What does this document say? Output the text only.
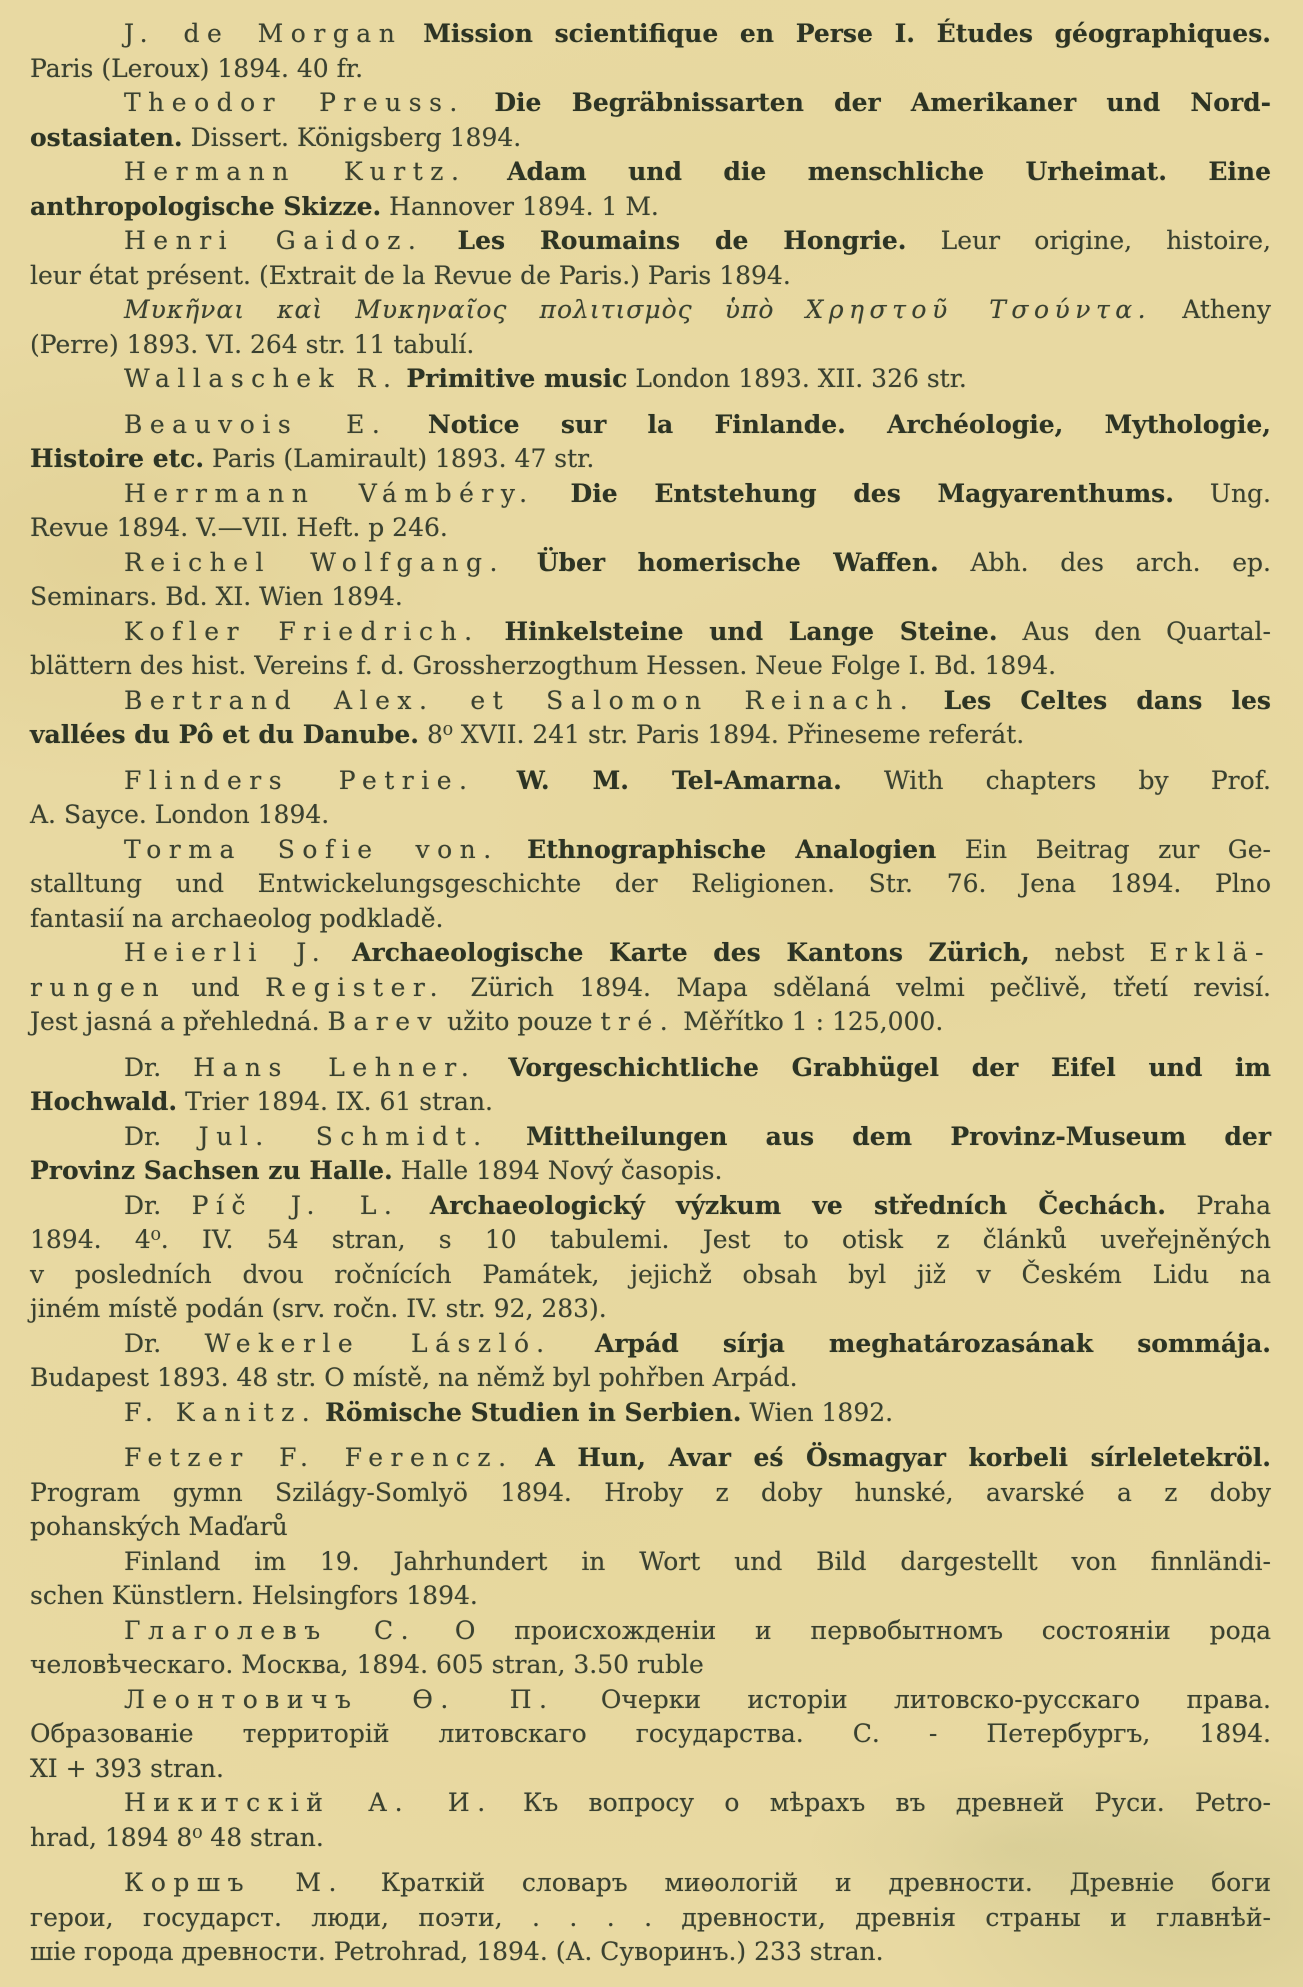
J. de Morgan Mission scientifique en Perse I. Études géographiques.
Paris (Leroux) 1894. 40 fr.
Theodor Preuss. Die Begräbnissarten der Amerikaner und Nord-
ostasiaten. Dissert. Königsberg 1894.
Hermann Kurtz. Adam und die menschliche Urheimat. Eine
anthropologische Skizze. Hannover 1894. 1 M.
Henri Gaidoz. Les Roumains de Hongrie. Leur origine, histoire,
leur état présent. (Extrait de la Revue de Paris.) Paris 1894.
Μυκῆναι καὶ Μυκηναῖος πολιτισμὸς ὑπὸ Χρηστοῦ Τσούντα. Atheny
(Perre) 1893. VI. 264 str. 11 tabulí.
Wallaschek R. Primitive music London 1893. XII. 326 str.
Beauvois E. Notice sur la Finlande. Archéologie, Mythologie,
Histoire etc. Paris (Lamirault) 1893. 47 str.
Herrmann Vámbéry. Die Entstehung des Magyarenthums. Ung.
Revue 1894. V.—VII. Heft. p 246.
Reichel Wolfgang. Über homerische Waffen. Abh. des arch. ep.
Seminars. Bd. XI. Wien 1894.
Kofler Friedrich. Hinkelsteine und Lange Steine. Aus den Quartal-
blättern des hist. Vereins f. d. Grossherzogthum Hessen. Neue Folge I. Bd. 1894.
Bertrand Alex. et Salomon Reinach. Les Celtes dans les
vallées du Pô et du Danube. 8⁰ XVII. 241 str. Paris 1894. Přineseme referát.
Flinders Petrie. W. M. Tel-Amarna. With chapters by Prof.
A. Sayce. London 1894.
Torma Sofie von. Ethnographische Analogien Ein Beitrag zur Ge-
stalltung und Entwickelungsgeschichte der Religionen. Str. 76. Jena 1894. Plno
fantasií na archaeolog podkladě.
Heierli J. Archaeologische Karte des Kantons Zürich, nebst Erklä-
rungen und Register. Zürich 1894. Mapa sdělaná velmi pečlivě, třetí revisí.
Jest jasná a přehledná. Barev užito pouze tré. Měřítko 1 : 125,000.
Dr. Hans Lehner. Vorgeschichtliche Grabhügel der Eifel und im
Hochwald. Trier 1894. IX. 61 stran.
Dr. Jul. Schmidt. Mittheilungen aus dem Provinz-Museum der
Provinz Sachsen zu Halle. Halle 1894 Nový časopis.
Dr. Píč J. L. Archaeologický výzkum ve středních Čechách. Praha
1894. 4⁰. IV. 54 stran, s 10 tabulemi. Jest to otisk z článků uveřejněných
v posledních dvou ročnících Památek, jejichž obsah byl již v Českém Lidu na
jiném místě podán (srv. ročn. IV. str. 92, 283).
Dr. Wekerle László. Arpád sírja meghatározasának sommája.
Budapest 1893. 48 str. O místě, na němž byl pohřben Arpád.
F. Kanitz. Römische Studien in Serbien. Wien 1892.
Fetzer F. Ferencz. A Hun, Avar eś Ösmagyar korbeli sírleletekröl.
Program gymn Szilágy-Somlyö 1894. Hroby z doby hunské, avarské a z doby
pohanských Maďarů
Finland im 19. Jahrhundert in Wort und Bild dargestellt von finnländi-
schen Künstlern. Helsingfors 1894.
Глаголевъ С. О происхожденіи и первобытномъ состояніи рода
человѣческаго. Москва, 1894. 605 stran, 3.50 ruble
Леонтовичъ Ѳ. П. Очерки исторіи литовско-русскаго права.
Образованіе территорій литовскаго государства. С. - Петербургъ, 1894.
XI + 393 stran.
Никитскій А. И. Къ вопросу о мѣрахъ въ древней Руси. Petro-
hrad, 1894 8⁰ 48 stran.
Коршъ М. Краткій словаръ миѳологій и древности. Древніе боги
герои, государст. люди, поэти, . . . . древности, древнія страны и главнѣй-
шіе города древности. Petrohrad, 1894. (А. Суворинъ.) 233 stran.
